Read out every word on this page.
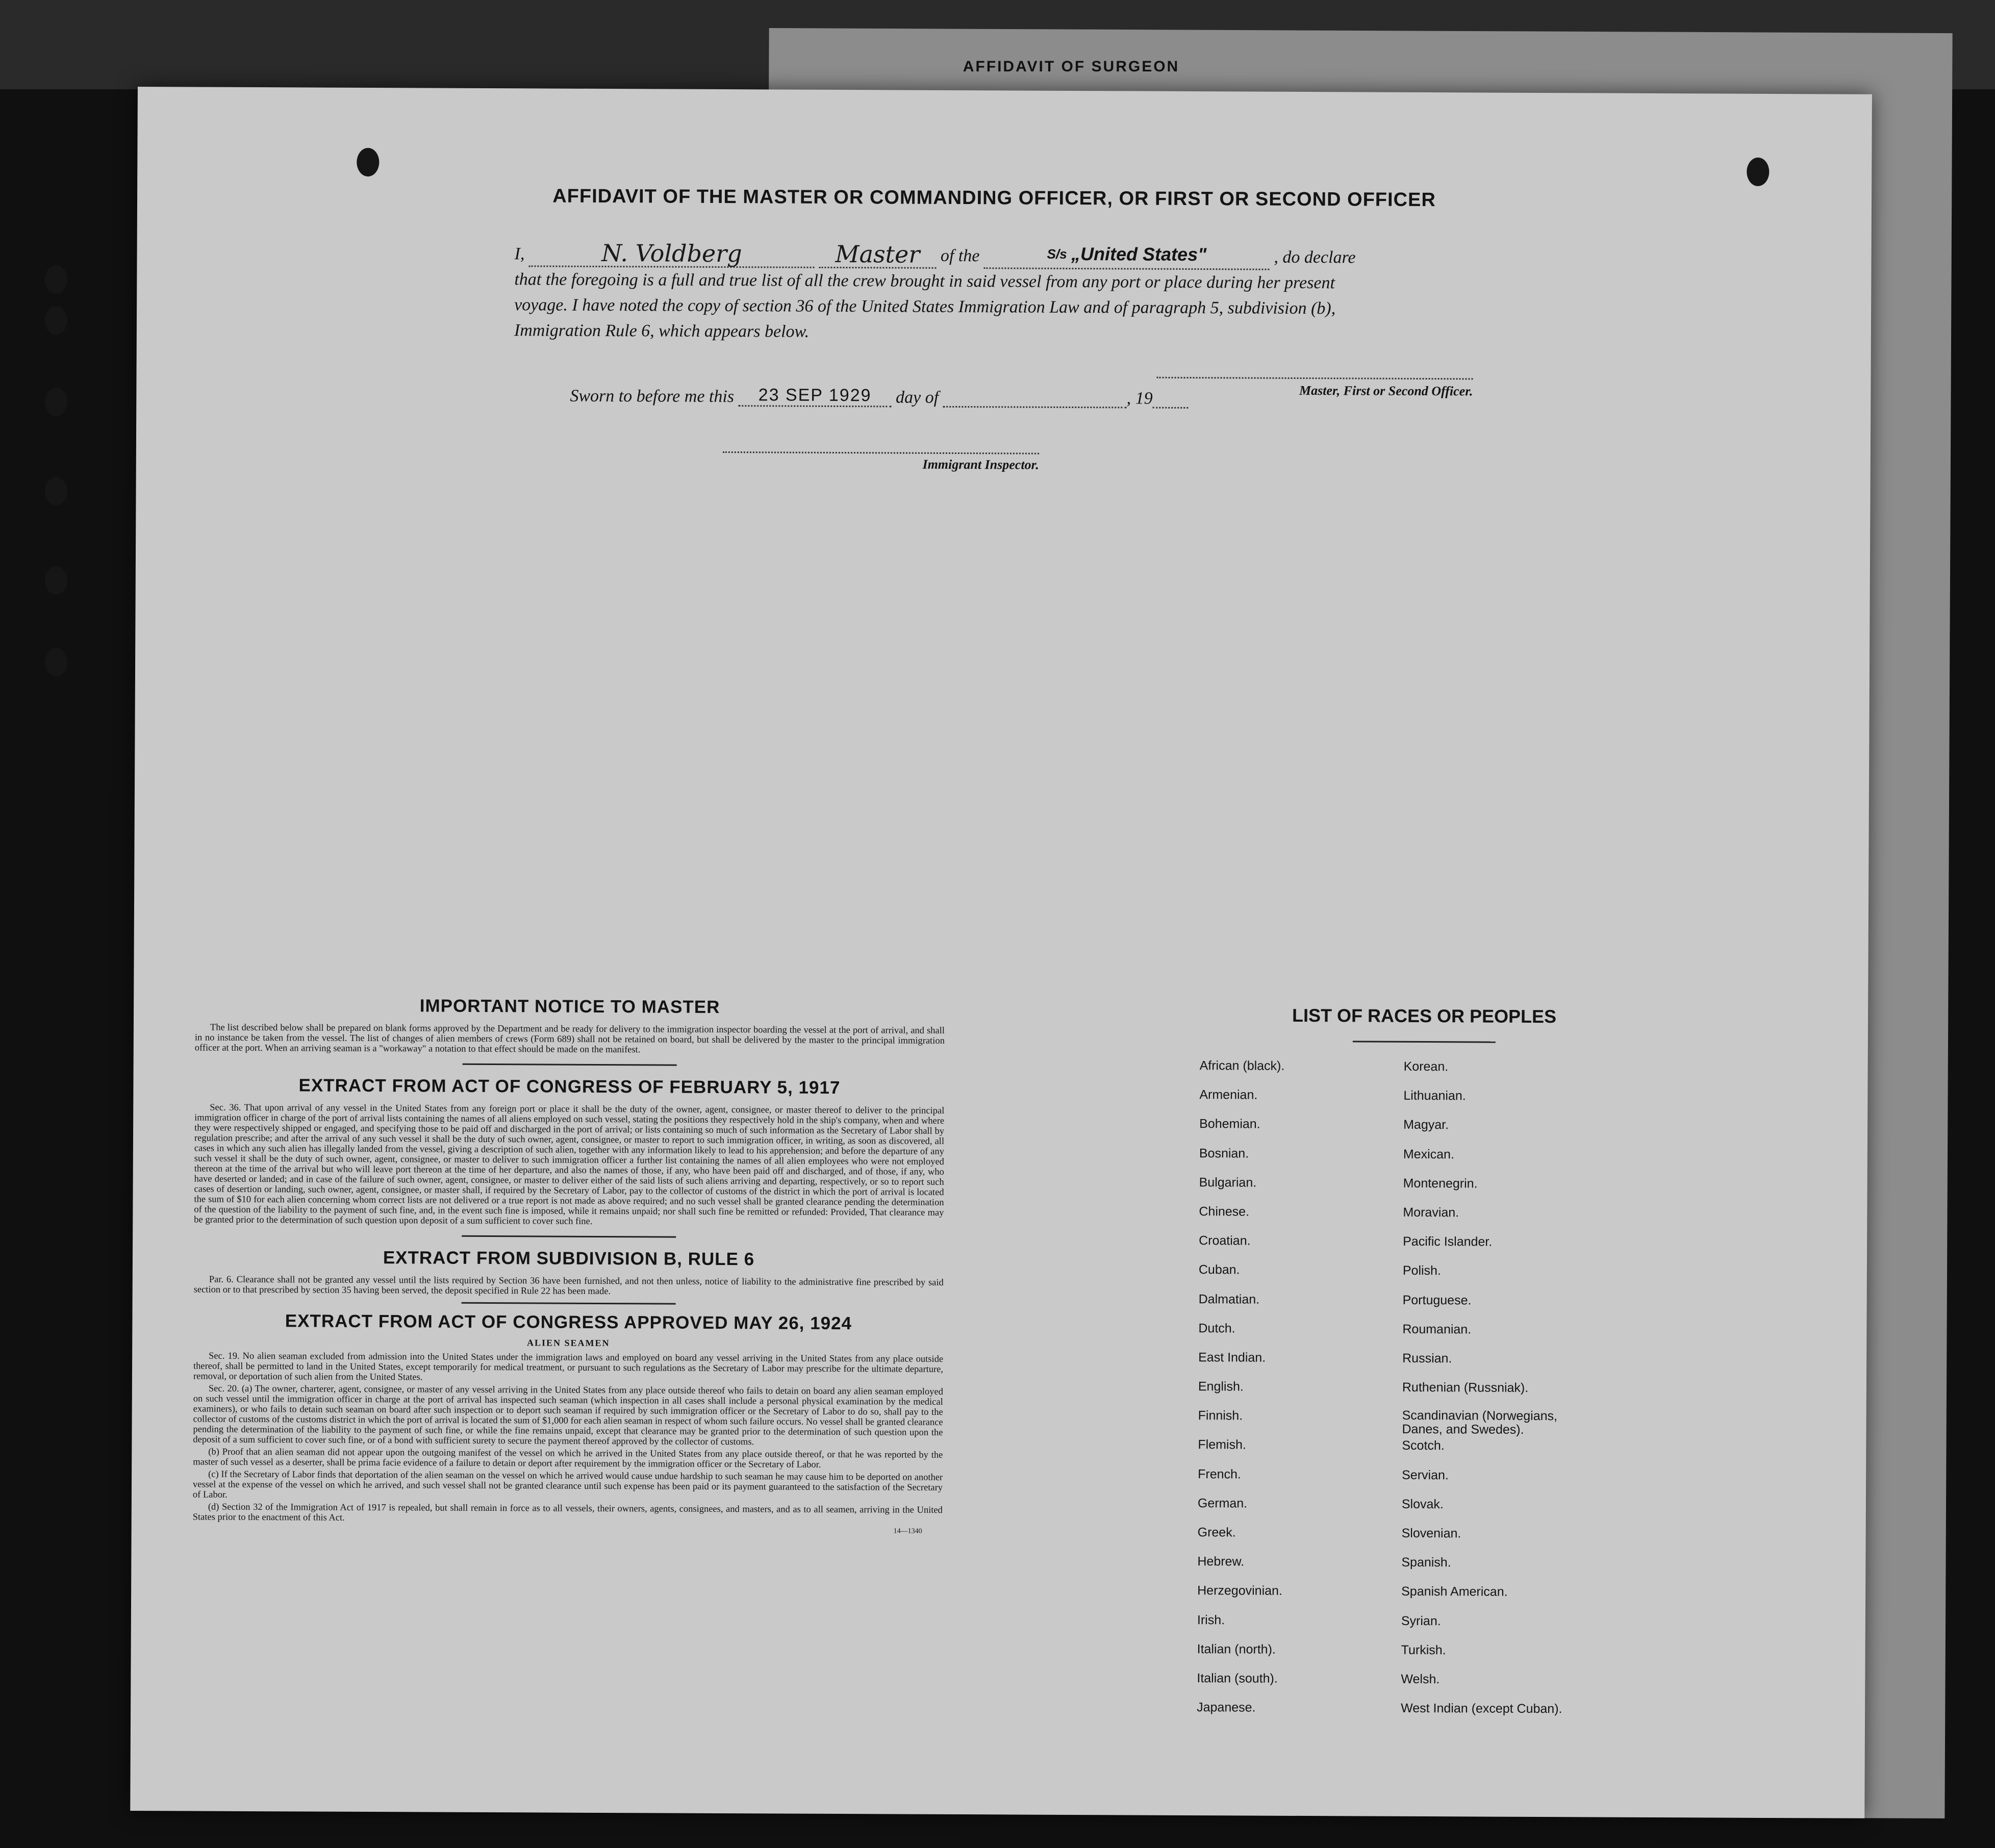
AFFIDAVIT OF SURGEON
AFFIDAVIT OF THE MASTER OR COMMANDING OFFICER, OR FIRST OR SECOND OFFICER
I,	N. Voldberg	Master of the	$^{S/s}$ „United States"	, do declare
that the foregoing is a full and true list of all the crew brought in said vessel from any port or place during her present
voyage. I have noted the copy of section 36 of the United States Immigration Law and of paragraph 5, subdivision (b),
Immigration Rule 6, which appears below.
Master, First or Second Officer.
Sworn to before me this 23 SEP 1929 day of	, 19
Immigrant Inspector.
IMPORTANT NOTICE TO MASTER

The list described below shall be prepared on blank forms approved by the Department and be ready for delivery to the immigration inspector boarding the vessel at the port of arrival, and shall in no instance be taken from the vessel. The list of changes of alien members of crews (Form 689) shall not be retained on board, but shall be delivered by the master to the principal immigration officer at the port. When an arriving seaman is a "workaway" a notation to that effect should be made on the manifest.

EXTRACT FROM ACT OF CONGRESS OF FEBRUARY 5, 1917

Sec. 36. That upon arrival of any vessel in the United States from any foreign port or place it shall be the duty of the owner, agent, consignee, or master thereof to deliver to the principal immigration officer in charge of the port of arrival lists containing the names of all aliens employed on such vessel, stating the positions they respectively hold in the ship's company, when and where they were respectively shipped or engaged, and specifying those to be paid off and discharged in the port of arrival; or lists containing so much of such information as the Secretary of Labor shall by regulation prescribe; and after the arrival of any such vessel it shall be the duty of such owner, agent, consignee, or master to report to such immigration officer, in writing, as soon as discovered, all cases in which any such alien has illegally landed from the vessel, giving a description of such alien, together with any information likely to lead to his apprehension; and before the departure of any such vessel it shall be the duty of such owner, agent, consignee, or master to deliver to such immigration officer a further list containing the names of all alien employees who were not employed thereon at the time of the arrival but who will leave port thereon at the time of her departure, and also the names of those, if any, who have been paid off and discharged, and of those, if any, who have deserted or landed; and in case of the failure of such owner, agent, consignee, or master to deliver either of the said lists of such aliens arriving and departing, respectively, or so to report such cases of desertion or landing, such owner, agent, consignee, or master shall, if required by the Secretary of Labor, pay to the collector of customs of the district in which the port of arrival is located the sum of $10 for each alien concerning whom correct lists are not delivered or a true report is not made as above required; and no such vessel shall be granted clearance pending the determination of the question of the liability to the payment of such fine, and, in the event such fine is imposed, while it remains unpaid; nor shall such fine be remitted or refunded: Provided, That clearance may be granted prior to the determination of such question upon deposit of a sum sufficient to cover such fine.

EXTRACT FROM SUBDIVISION B, RULE 6

Par. 6. Clearance shall not be granted any vessel until the lists required by Section 36 have been furnished, and not then unless, notice of liability to the administrative fine prescribed by said section or to that prescribed by section 35 having been served, the deposit specified in Rule 22 has been made.

EXTRACT FROM ACT OF CONGRESS APPROVED MAY 26, 1924
ALIEN SEAMEN

Sec. 19. No alien seaman excluded from admission into the United States under the immigration laws and employed on board any vessel arriving in the United States from any place outside thereof, shall be permitted to land in the United States, except temporarily for medical treatment, or pursuant to such regulations as the Secretary of Labor may prescribe for the ultimate departure, removal, or deportation of such alien from the United States.

Sec. 20. (a) The owner, charterer, agent, consignee, or master of any vessel arriving in the United States from any place outside thereof who fails to detain on board any alien seaman employed on such vessel until the immigration officer in charge at the port of arrival has inspected such seaman (which inspection in all cases shall include a personal physical examination by the medical examiners), or who fails to detain such seaman on board after such inspection or to deport such seaman if required by such immigration officer or the Secretary of Labor to do so, shall pay to the collector of customs of the customs district in which the port of arrival is located the sum of $1,000 for each alien seaman in respect of whom such failure occurs. No vessel shall be granted clearance pending the determination of the liability to the payment of such fine, or while the fine remains unpaid, except that clearance may be granted prior to the determination of such question upon the deposit of a sum sufficient to cover such fine, or of a bond with sufficient surety to secure the payment thereof approved by the collector of customs.

(b) Proof that an alien seaman did not appear upon the outgoing manifest of the vessel on which he arrived in the United States from any place outside thereof, or that he was reported by the master of such vessel as a deserter, shall be prima facie evidence of a failure to detain or deport after requirement by the immigration officer or the Secretary of Labor.

(c) If the Secretary of Labor finds that deportation of the alien seaman on the vessel on which he arrived would cause undue hardship to such seaman he may cause him to be deported on another vessel at the expense of the vessel on which he arrived, and such vessel shall not be granted clearance until such expense has been paid or its payment guaranteed to the satisfaction of the Secretary of Labor.

(d) Section 32 of the Immigration Act of 1917 is repealed, but shall remain in force as to all vessels, their owners, agents, consignees, and masters, and as to all seamen, arriving in the United States prior to the enactment of this Act.

14—1340
LIST OF RACES OR PEOPLES
African (black).
Armenian.
Bohemian.
Bosnian.
Bulgarian.
Chinese.
Croatian.
Cuban.
Dalmatian.
Dutch.
East Indian.
English.
Finnish.
Flemish.
French.
German.
Greek.
Hebrew.
Herzegovinian.
Irish.
Italian (north).
Italian (south).
Japanese.
Korean.
Lithuanian.
Magyar.
Mexican.
Montenegrin.
Moravian.
Pacific Islander.
Polish.
Portuguese.
Roumanian.
Russian.
Ruthenian (Russniak).
Scandinavian (Norwegians, Danes, and Swedes).
Scotch.
Servian.
Slovak.
Slovenian.
Spanish.
Spanish American.
Syrian.
Turkish.
Welsh.
West Indian (except Cuban).
